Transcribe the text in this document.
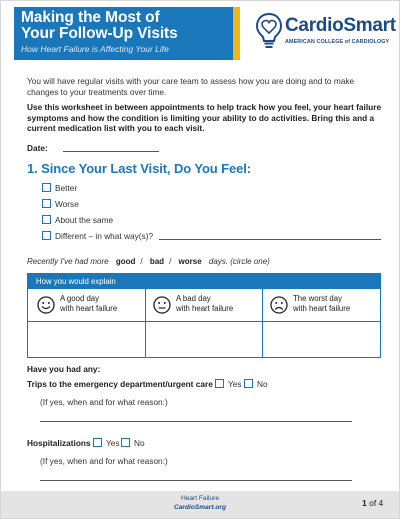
Making the Most of
Your Follow-Up Visits
How Heart Failure is Affecting Your Life
CardioSmart
AMERICAN COLLEGE of CARDIOLOGY
You will have regular visits with your care team to assess how you are doing and to make changes to your treatments over time.
Use this worksheet in between appointments to help track how you feel, your heart failure symptoms and how the condition is limiting your ability to do activities. Bring this and a current medication list with you to each visit.
Date:
1. Since Your Last Visit, Do You Feel:
Better
Worse
About the same
Different – in what way(s)?
Recently I've had more good / bad / worse days. (circle one)
How you would explain
A good day
with heart failure
A bad day
with heart failure
The worst day
with heart failure
Have you had any:
Trips to the emergency department/urgent care Yes No
(If yes, when and for what reason:)
Hospitalizations Yes No
(If yes, when and for what reason:)
Heart Failure
CardioSmart.org	1 of 4
